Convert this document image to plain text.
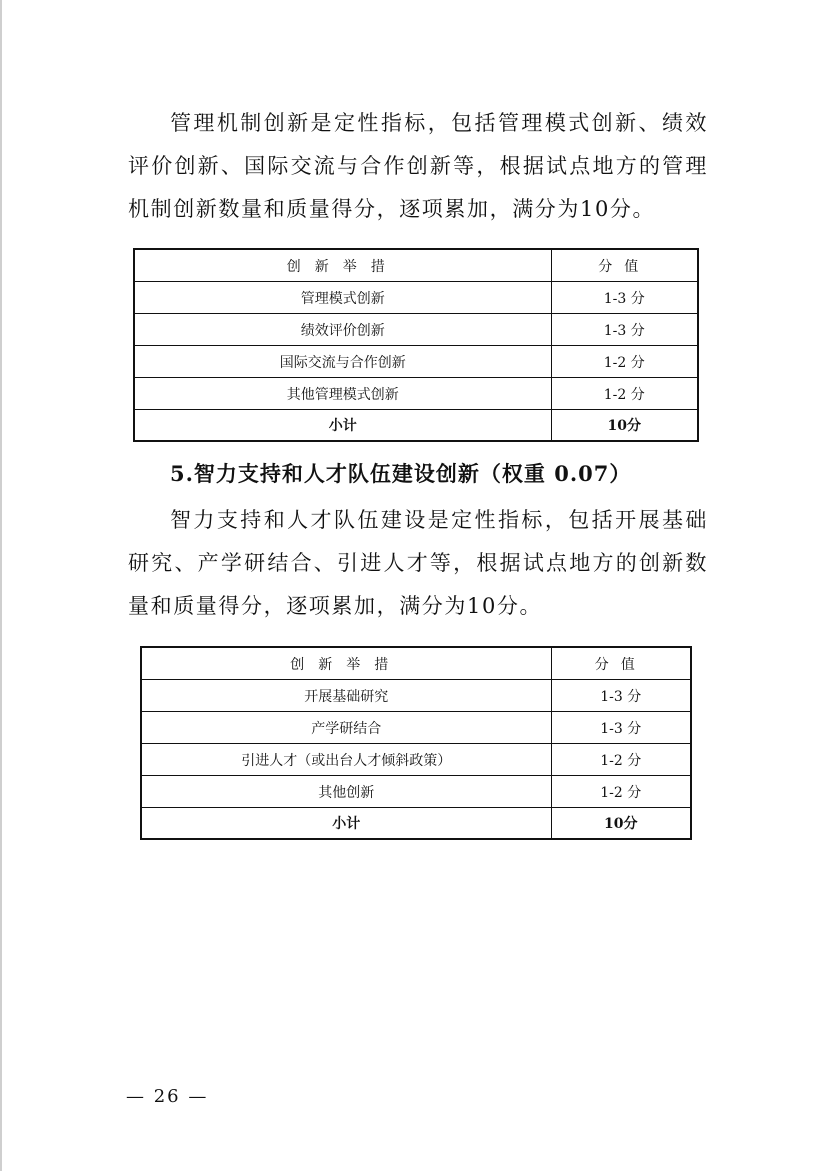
管理机制创新是定性指标，包括管理模式创新、绩效评价创新、国际交流与合作创新等，根据试点地方的管理机制创新数量和质量得分，逐项累加，满分为10分。

创新举措	分值
管理模式创新	1-3 分
绩效评价创新	1-3 分
国际交流与合作创新	1-2 分
其他管理模式创新	1-2 分
小计	10分
5.智力支持和人才队伍建设创新（权重 0.07）

智力支持和人才队伍建设是定性指标，包括开展基础研究、产学研结合、引进人才等，根据试点地方的创新数量和质量得分，逐项累加，满分为10分。

创新举措	分值
开展基础研究	1-3 分
产学研结合	1-3 分
引进人才（或出台人才倾斜政策）	1-2 分
其他创新	1-2 分
小计	10分
— 26 —
